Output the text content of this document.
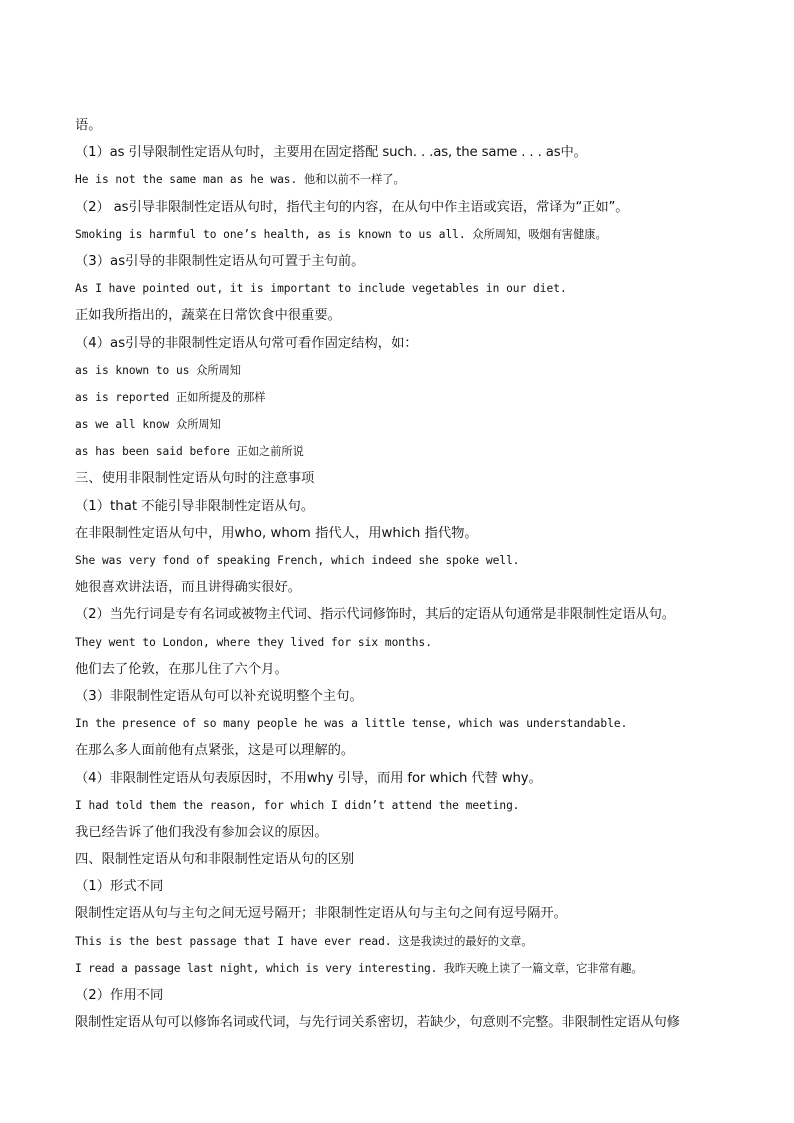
语。
（1）as 引导限制性定语从句时，主要用在固定搭配 such. . .as, the same . . . as中。
He is not the same man as he was. 他和以前不一样了。
（2） as引导非限制性定语从句时，指代主句的内容，在从句中作主语或宾语，常译为“正如”。
Smoking is harmful to one’s health, as is known to us all. 众所周知，吸烟有害健康。
（3）as引导的非限制性定语从句可置于主句前。
As I have pointed out, it is important to include vegetables in our diet.
正如我所指出的，蔬菜在日常饮食中很重要。
（4）as引导的非限制性定语从句常可看作固定结构，如：
as is known to us 众所周知
as is reported 正如所提及的那样
as we all know 众所周知
as has been said before 正如之前所说
三、使用非限制性定语从句时的注意事项
（1）that 不能引导非限制性定语从句。
在非限制性定语从句中，用who, whom 指代人，用which 指代物。
She was very fond of speaking French, which indeed she spoke well.
她很喜欢讲法语，而且讲得确实很好。
（2）当先行词是专有名词或被物主代词、指示代词修饰时，其后的定语从句通常是非限制性定语从句。
They went to London, where they lived for six months.
他们去了伦敦，在那儿住了六个月。
（3）非限制性定语从句可以补充说明整个主句。
In the presence of so many people he was a little tense, which was understandable.
在那么多人面前他有点紧张，这是可以理解的。
（4）非限制性定语从句表原因时，不用why 引导，而用 for which 代替 why。
I had told them the reason, for which I didn’t attend the meeting.
我已经告诉了他们我没有参加会议的原因。
四、限制性定语从句和非限制性定语从句的区别
（1）形式不同
限制性定语从句与主句之间无逗号隔开；非限制性定语从句与主句之间有逗号隔开。
This is the best passage that I have ever read. 这是我读过的最好的文章。
I read a passage last night, which is very interesting. 我昨天晚上读了一篇文章，它非常有趣。
（2）作用不同
限制性定语从句可以修饰名词或代词，与先行词关系密切，若缺少，句意则不完整。非限制性定语从句修
